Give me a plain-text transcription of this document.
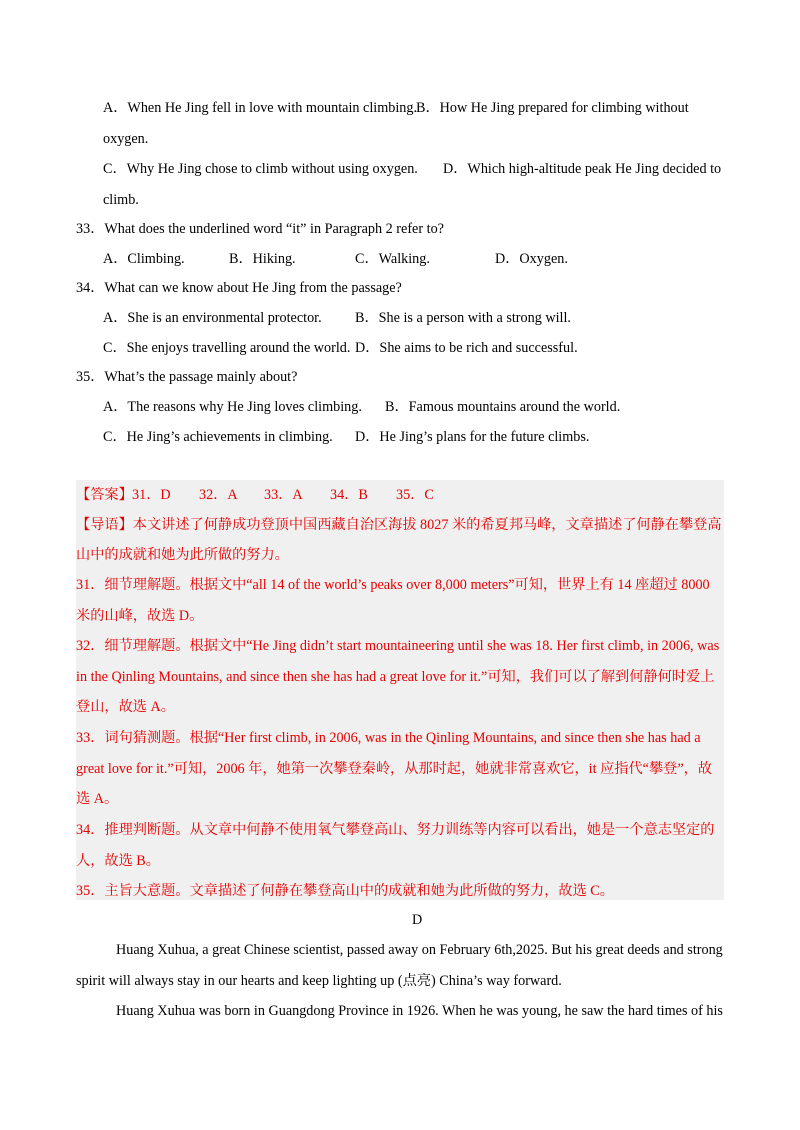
A．When He Jing fell in love with mountain climbing.
B．How He Jing prepared for climbing without
oxygen.
C．Why He Jing chose to climb without using oxygen. D．Which high-altitude peak He Jing decided to
climb.
33．What does the underlined word “it” in Paragraph 2 refer to?
A．Climbing.	B．Hiking.	C．Walking.	D．Oxygen.
34．What can we know about He Jing from the passage?
A．She is an environmental protector. B．She is a person with a strong will.
C．She enjoys travelling around the world. D．She aims to be rich and successful.
35．What’s the passage mainly about?
A．The reasons why He Jing loves climbing. B．Famous mountains around the world.
C．He Jing’s achievements in climbing. D．He Jing’s plans for the future climbs.
【答案】 31．D 32．A 33．A 34．B 35．C
【导语】本文讲述了何静成功登顶中国西藏自治区海拔 8027 米的希夏邦马峰，文章描述了何静在攀登高
山中的成就和她为此所做的努力。
31．细节理解题。根据文中“all 14 of the world’s peaks over 8,000 meters”可知，世界上有 14 座超过 8000
米的山峰，故选 D。
32．细节理解题。根据文中“He Jing didn’t start mountaineering until she was 18. Her first climb, in 2006, was
in the Qinling Mountains, and since then she has had a great love for it.”可知，我们可以了解到何静何时爱上
登山，故选 A。
33．词句猜测题。根据“Her first climb, in 2006, was in the Qinling Mountains, and since then she has had a
great love for it.”可知，2006 年，她第一次攀登秦岭，从那时起，她就非常喜欢它，it 应指代“攀登”，故
选 A。
34．推理判断题。从文章中何静不使用氧气攀登高山、努力训练等内容可以看出，她是一个意志坚定的
人，故选 B。
35．主旨大意题。文章描述了何静在攀登高山中的成就和她为此所做的努力，故选 C。
D
Huang Xuhua, a great Chinese scientist, passed away on February 6th,2025. But his great deeds and strong
spirit will always stay in our hearts and keep lighting up (点亮) China’s way forward.
Huang Xuhua was born in Guangdong Province in 1926. When he was young, he saw the hard times of his
